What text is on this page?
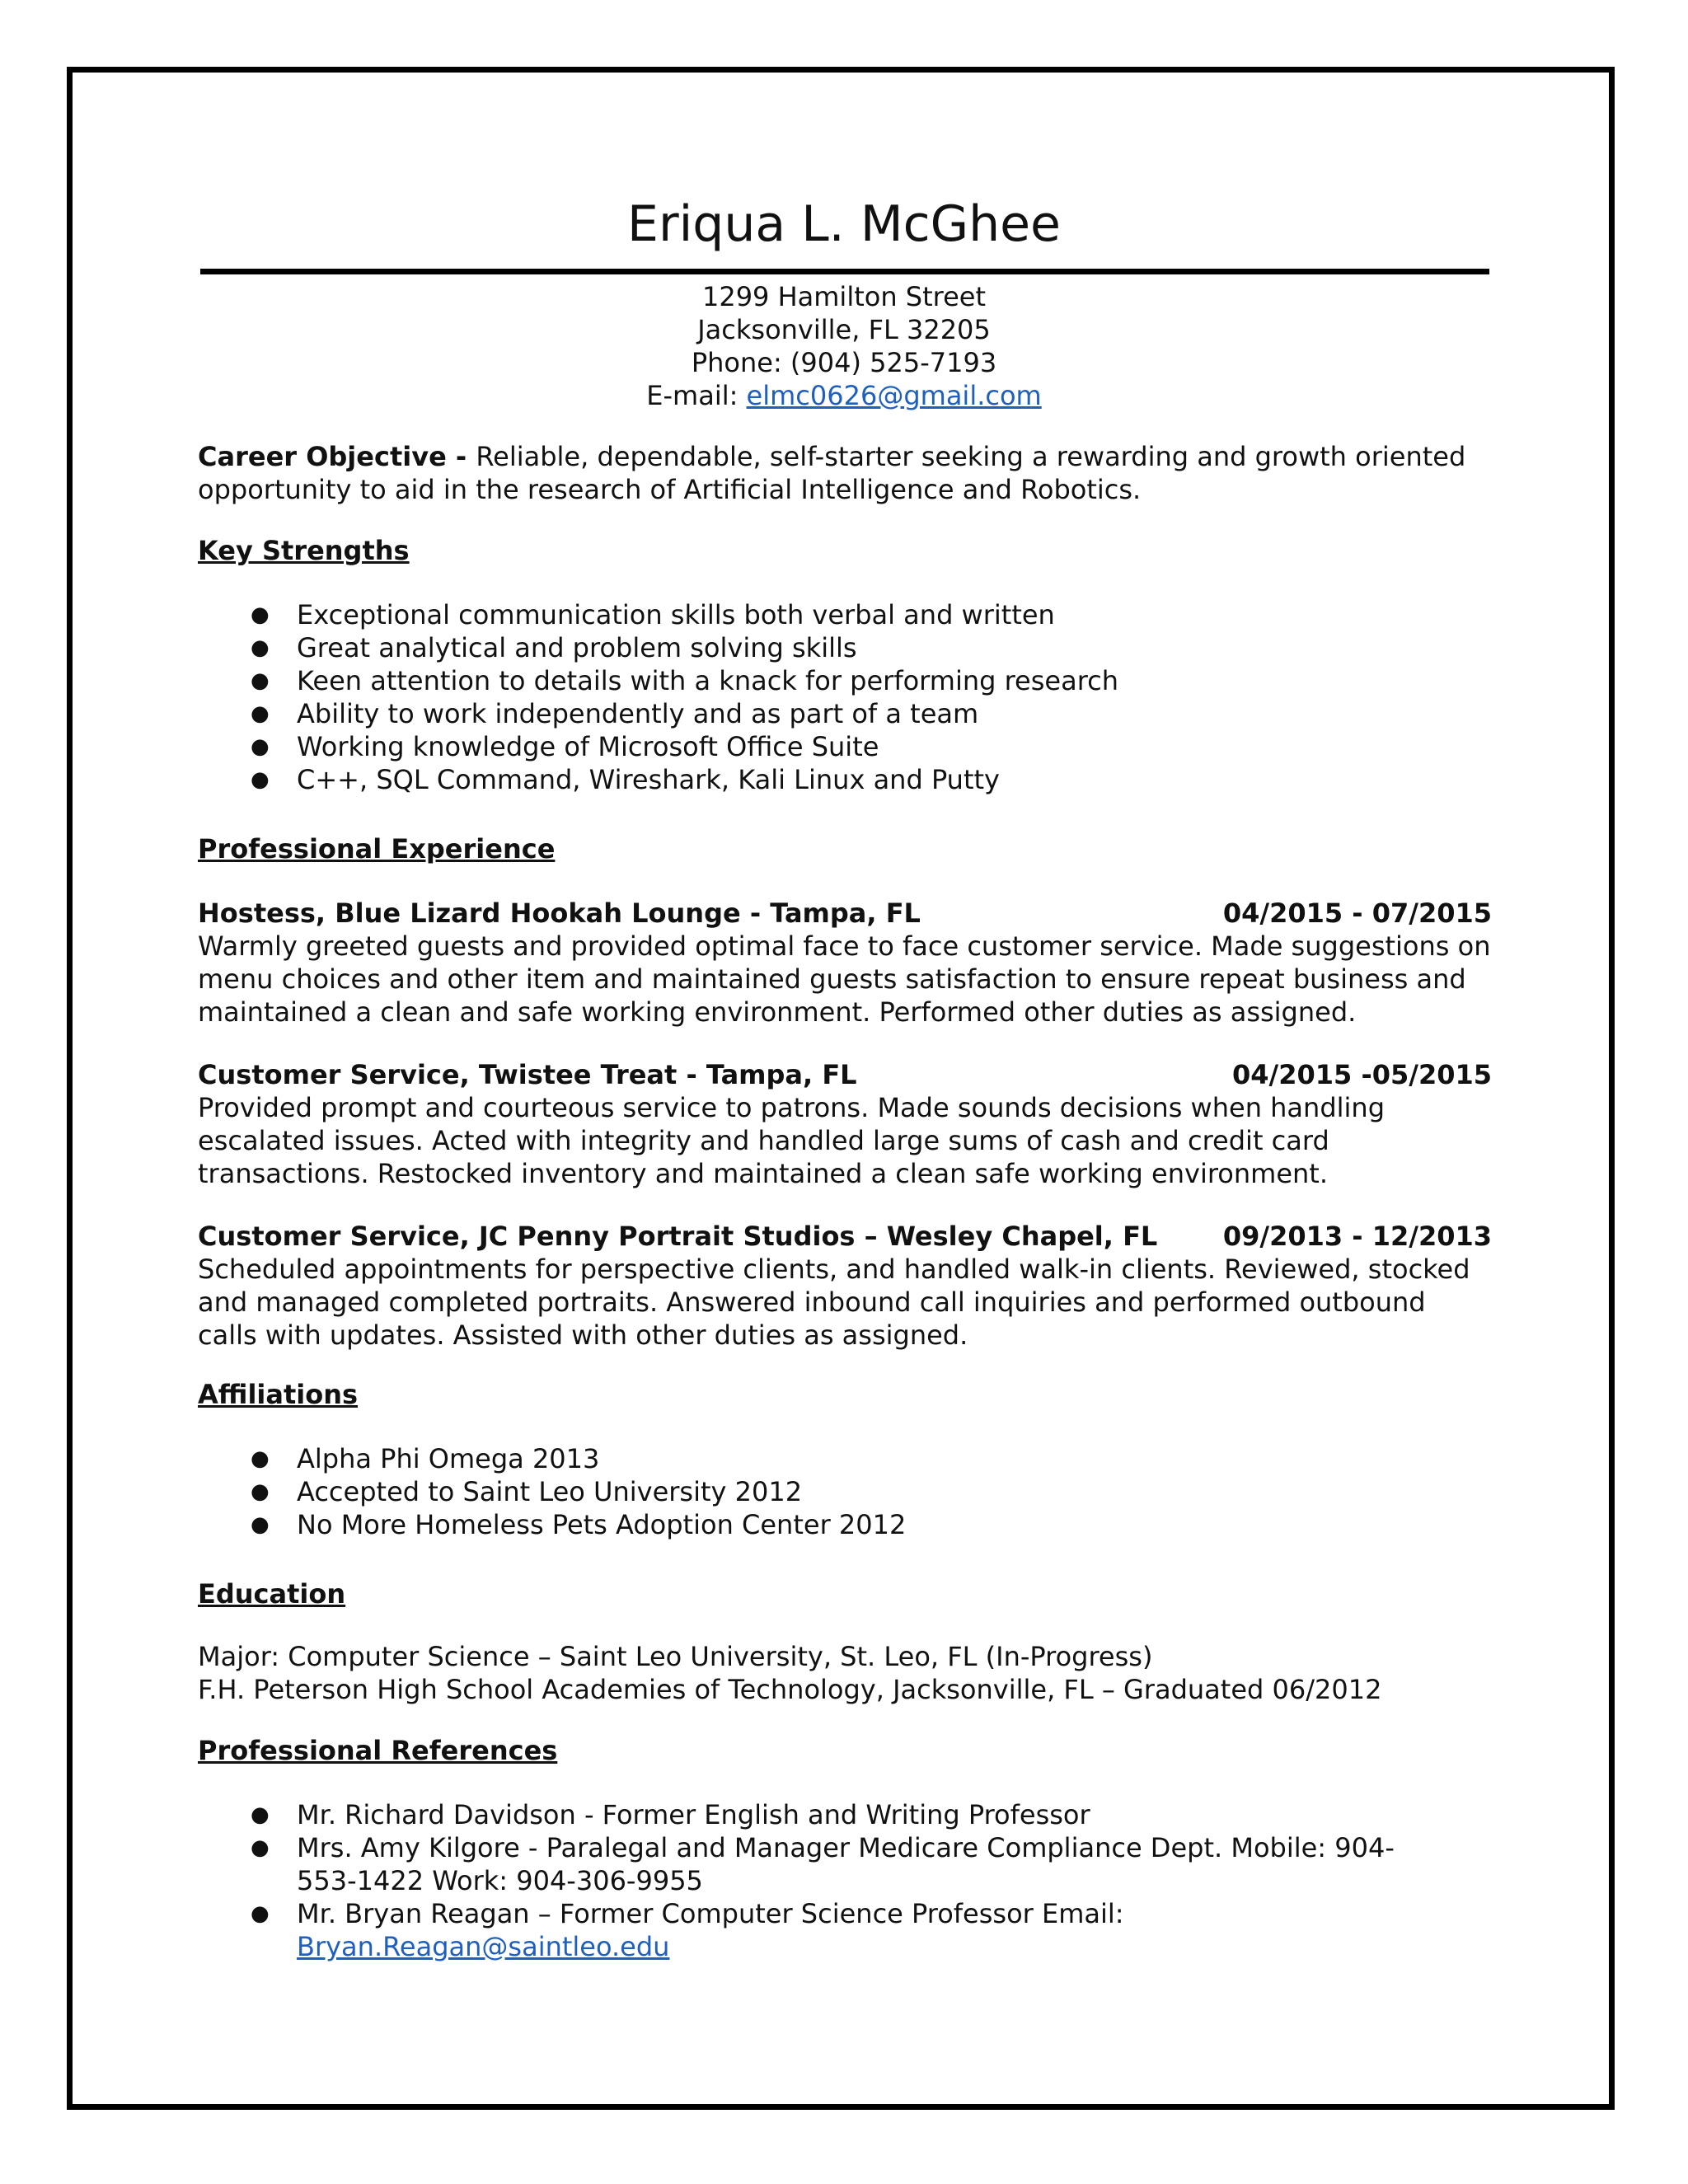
Eriqua L. McGhee
1299 Hamilton Street
Jacksonville, FL 32205
Phone: (904) 525-7193
E-mail: elmc0626@gmail.com
Career Objective - Reliable, dependable, self-starter seeking a rewarding and growth oriented opportunity to aid in the research of Artificial Intelligence and Robotics.
Key Strengths
● Exceptional communication skills both verbal and written
● Great analytical and problem solving skills
● Keen attention to details with a knack for performing research
● Ability to work independently and as part of a team
● Working knowledge of Microsoft Office Suite
● C++, SQL Command, Wireshark, Kali Linux and Putty
Professional Experience
Hostess, Blue Lizard Hookah Lounge - Tampa, FL	04/2015 - 07/2015
Warmly greeted guests and provided optimal face to face customer service. Made suggestions on menu choices and other item and maintained guests satisfaction to ensure repeat business and maintained a clean and safe working environment. Performed other duties as assigned.
Customer Service, Twistee Treat - Tampa, FL	04/2015 -05/2015
Provided prompt and courteous service to patrons. Made sounds decisions when handling escalated issues. Acted with integrity and handled large sums of cash and credit card transactions. Restocked inventory and maintained a clean safe working environment.
Customer Service, JC Penny Portrait Studios – Wesley Chapel, FL 09/2013 - 12/2013
Scheduled appointments for perspective clients, and handled walk-in clients. Reviewed, stocked and managed completed portraits. Answered inbound call inquiries and performed outbound calls with updates. Assisted with other duties as assigned.
Affiliations
● Alpha Phi Omega 2013
● Accepted to Saint Leo University 2012
● No More Homeless Pets Adoption Center 2012
Education
Major: Computer Science – Saint Leo University, St. Leo, FL (In-Progress)
F.H. Peterson High School Academies of Technology, Jacksonville, FL – Graduated 06/2012
Professional References
● Mr. Richard Davidson - Former English and Writing Professor
● Mrs. Amy Kilgore - Paralegal and Manager Medicare Compliance Dept. Mobile: 904-553-1422 Work: 904-306-9955
● Mr. Bryan Reagan – Former Computer Science Professor Email: Bryan.Reagan@saintleo.edu
